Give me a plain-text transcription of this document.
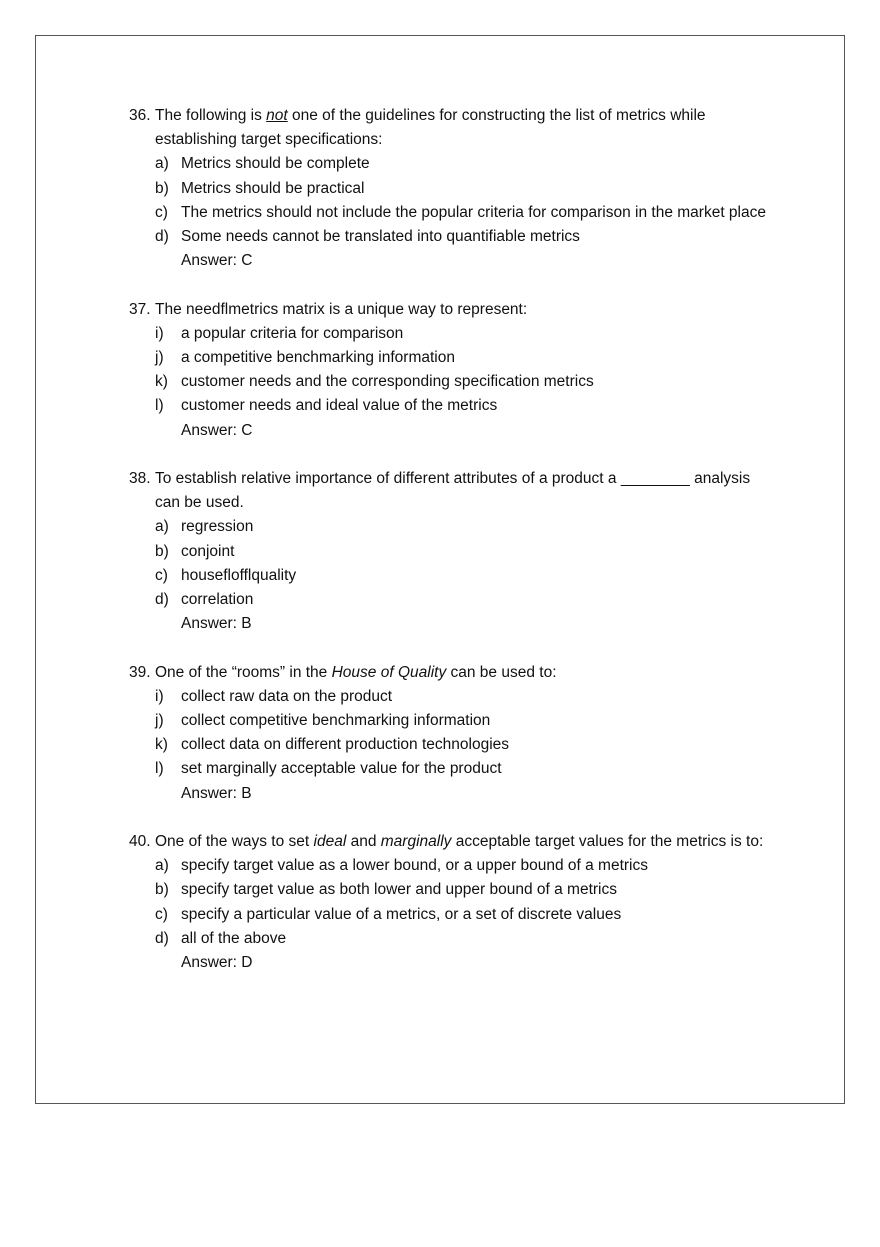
36. The following is not one of the guidelines for constructing the list of metrics while establishing target specifications:
a) Metrics should be complete
b) Metrics should be practical
c) The metrics should not include the popular criteria for comparison in the market place
d) Some needs cannot be translated into quantifiable metrics
Answer: C
37. The needflmetrics matrix is a unique way to represent:
i) a popular criteria for comparison
j) a competitive benchmarking information
k) customer needs and the corresponding specification metrics
l) customer needs and ideal value of the metrics
Answer: C
38. To establish relative importance of different attributes of a product a ________ analysis can be used.
a) regression
b) conjoint
c) houseflofflquality
d) correlation
Answer: B
39. One of the “rooms” in the House of Quality can be used to:
i) collect raw data on the product
j) collect competitive benchmarking information
k) collect data on different production technologies
l) set marginally acceptable value for the product
Answer: B
40. One of the ways to set ideal and marginally acceptable target values for the metrics is to:
a) specify target value as a lower bound, or a upper bound of a metrics
b) specify target value as both lower and upper bound of a metrics
c) specify a particular value of a metrics, or a set of discrete values
d) all of the above
Answer: D
